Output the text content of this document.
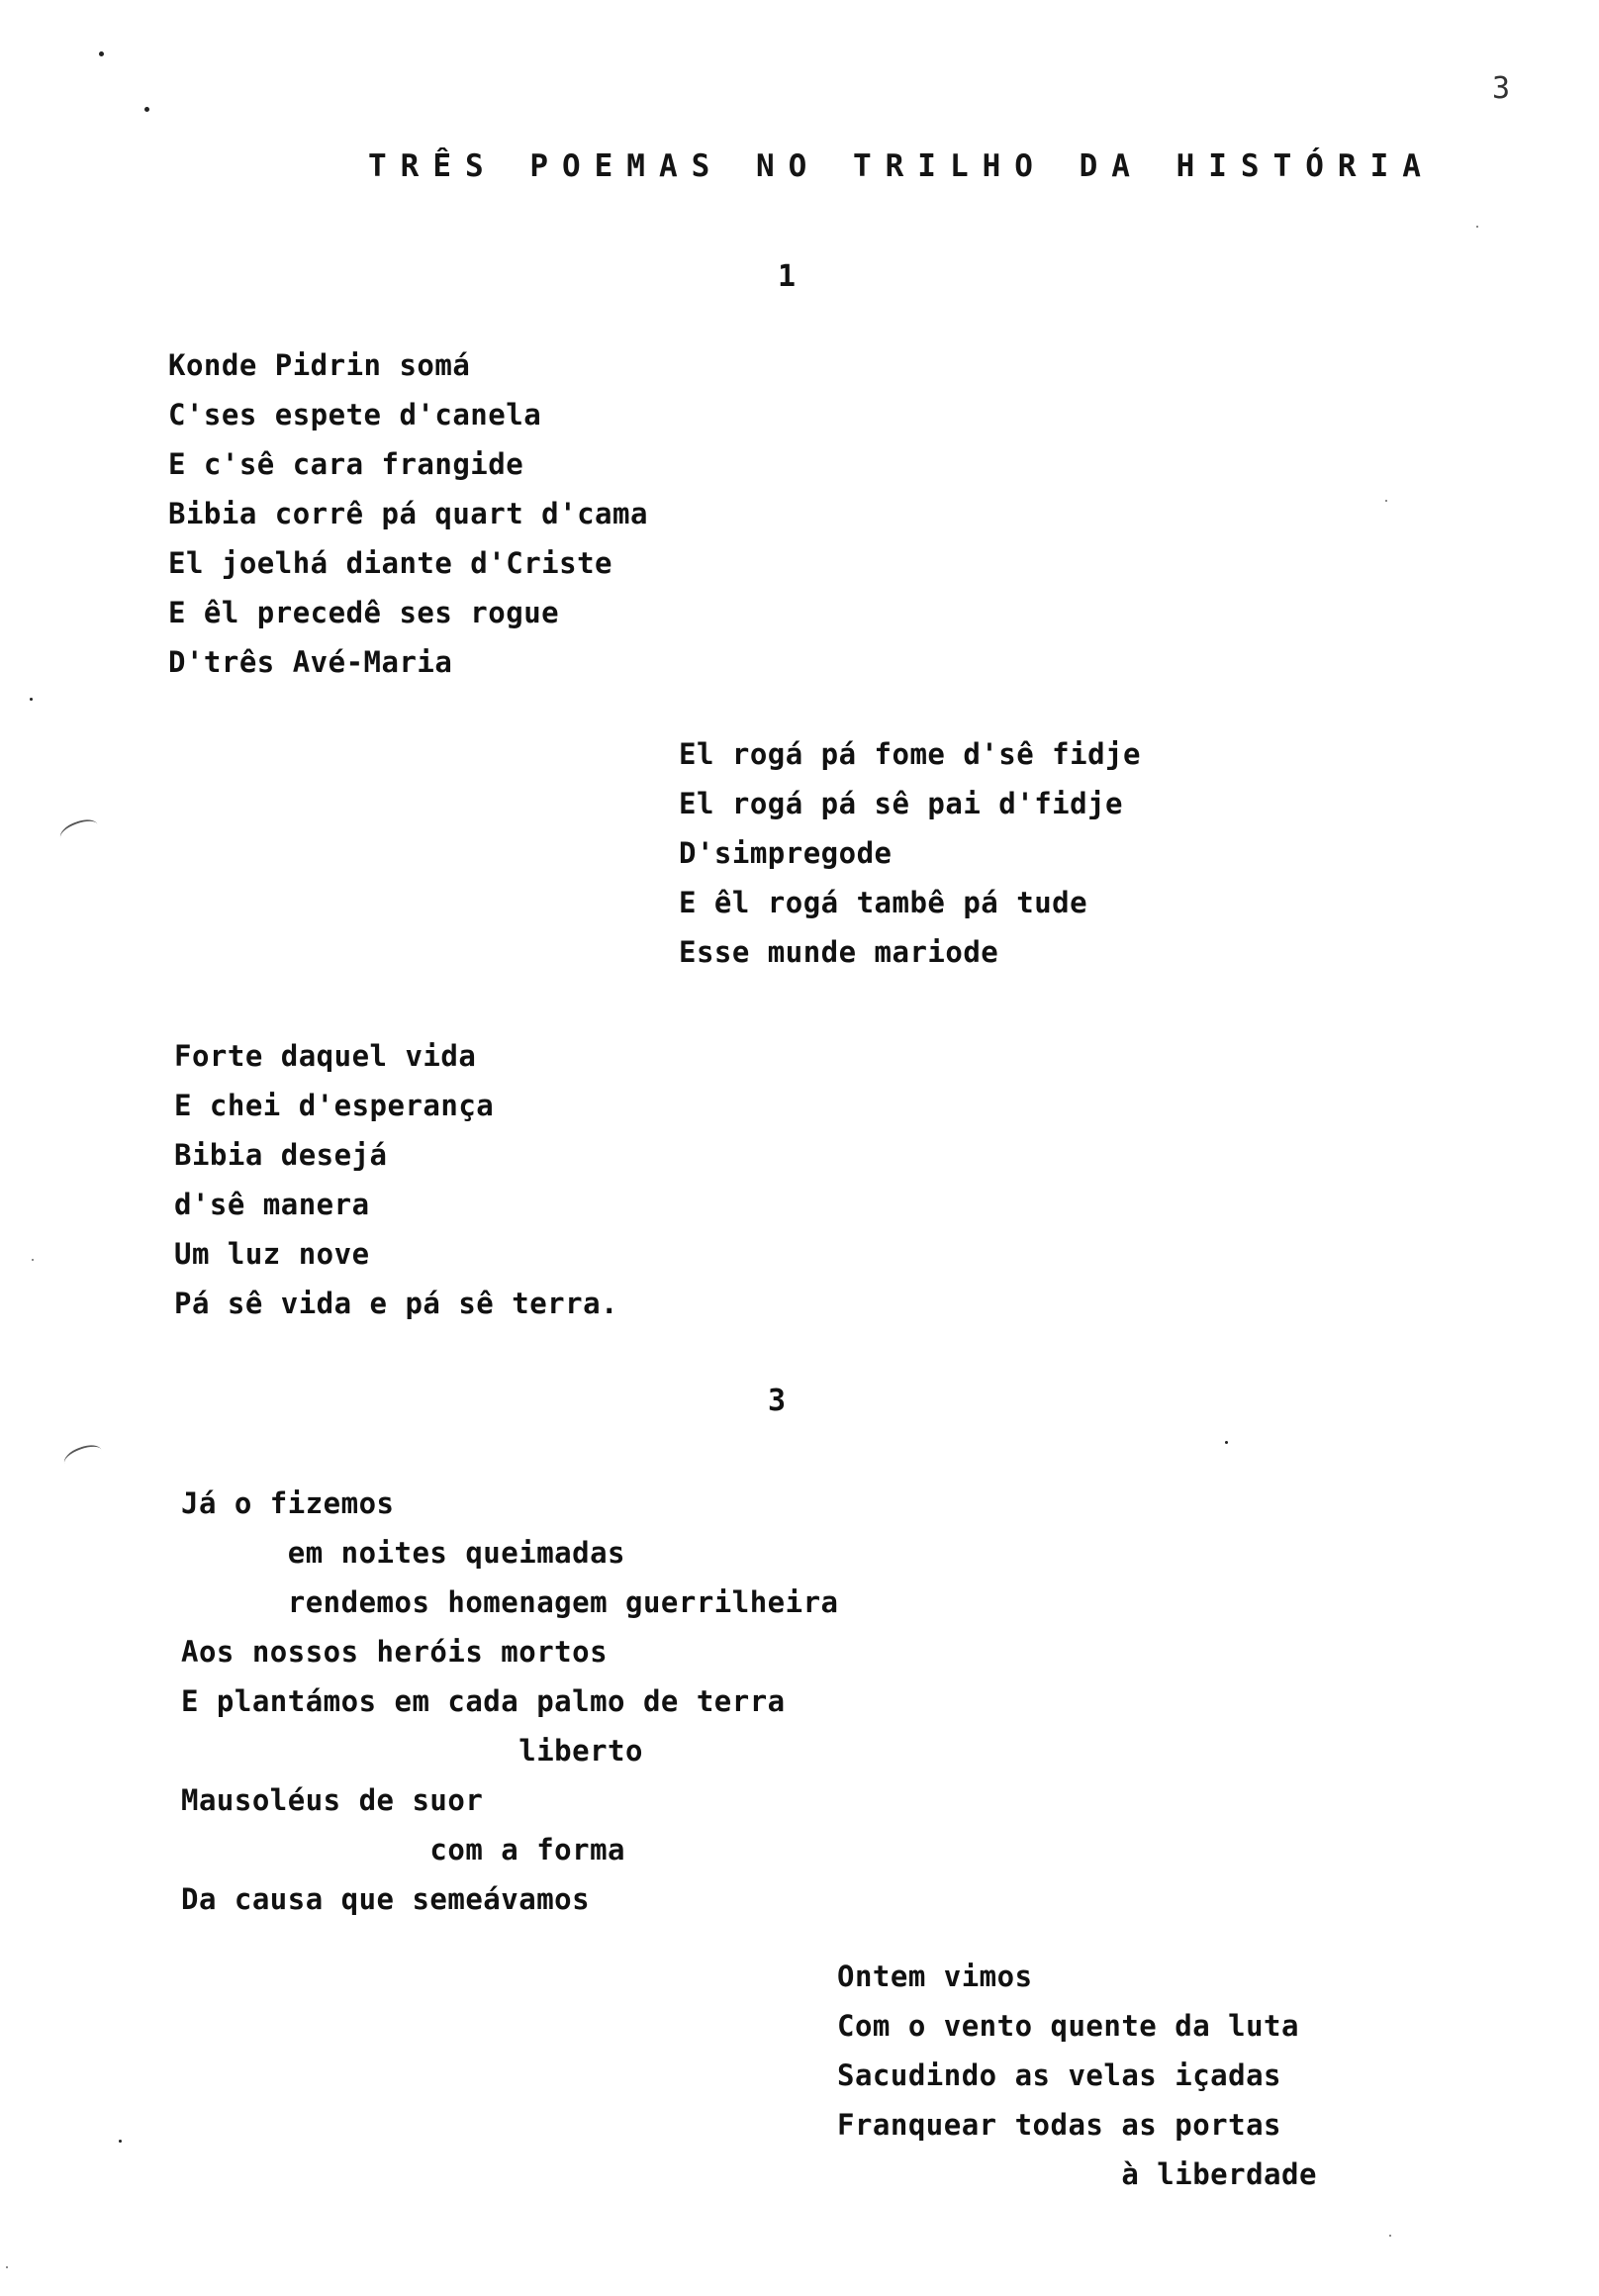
3
TRÊS POEMAS NO TRILHO DA HISTÓRIA
1
Konde Pidrin somá
C'ses espete d'canela
E c'sê cara frangide
Bibia corrê pá quart d'cama
El joelhá diante d'Criste
E êl precedê ses rogue
D'três Avé-Maria
El rogá pá fome d'sê fidje
El rogá pá sê pai d'fidje
D'simpregode
E êl rogá tambê pá tude
Esse munde mariode
Forte daquel vida
E chei d'esperança
Bibia desejá
d'sê manera
Um luz nove
Pá sê vida e pá sê terra.
3
Já o fizemos
em noites queimadas
rendemos homenagem guerrilheira
Aos nossos heróis mortos
E plantámos em cada palmo de terra
liberto
Mausoléus de suor
com a forma
Da causa que semeávamos
Ontem vimos
Com o vento quente da luta
Sacudindo as velas içadas
Franquear todas as portas
à liberdade
